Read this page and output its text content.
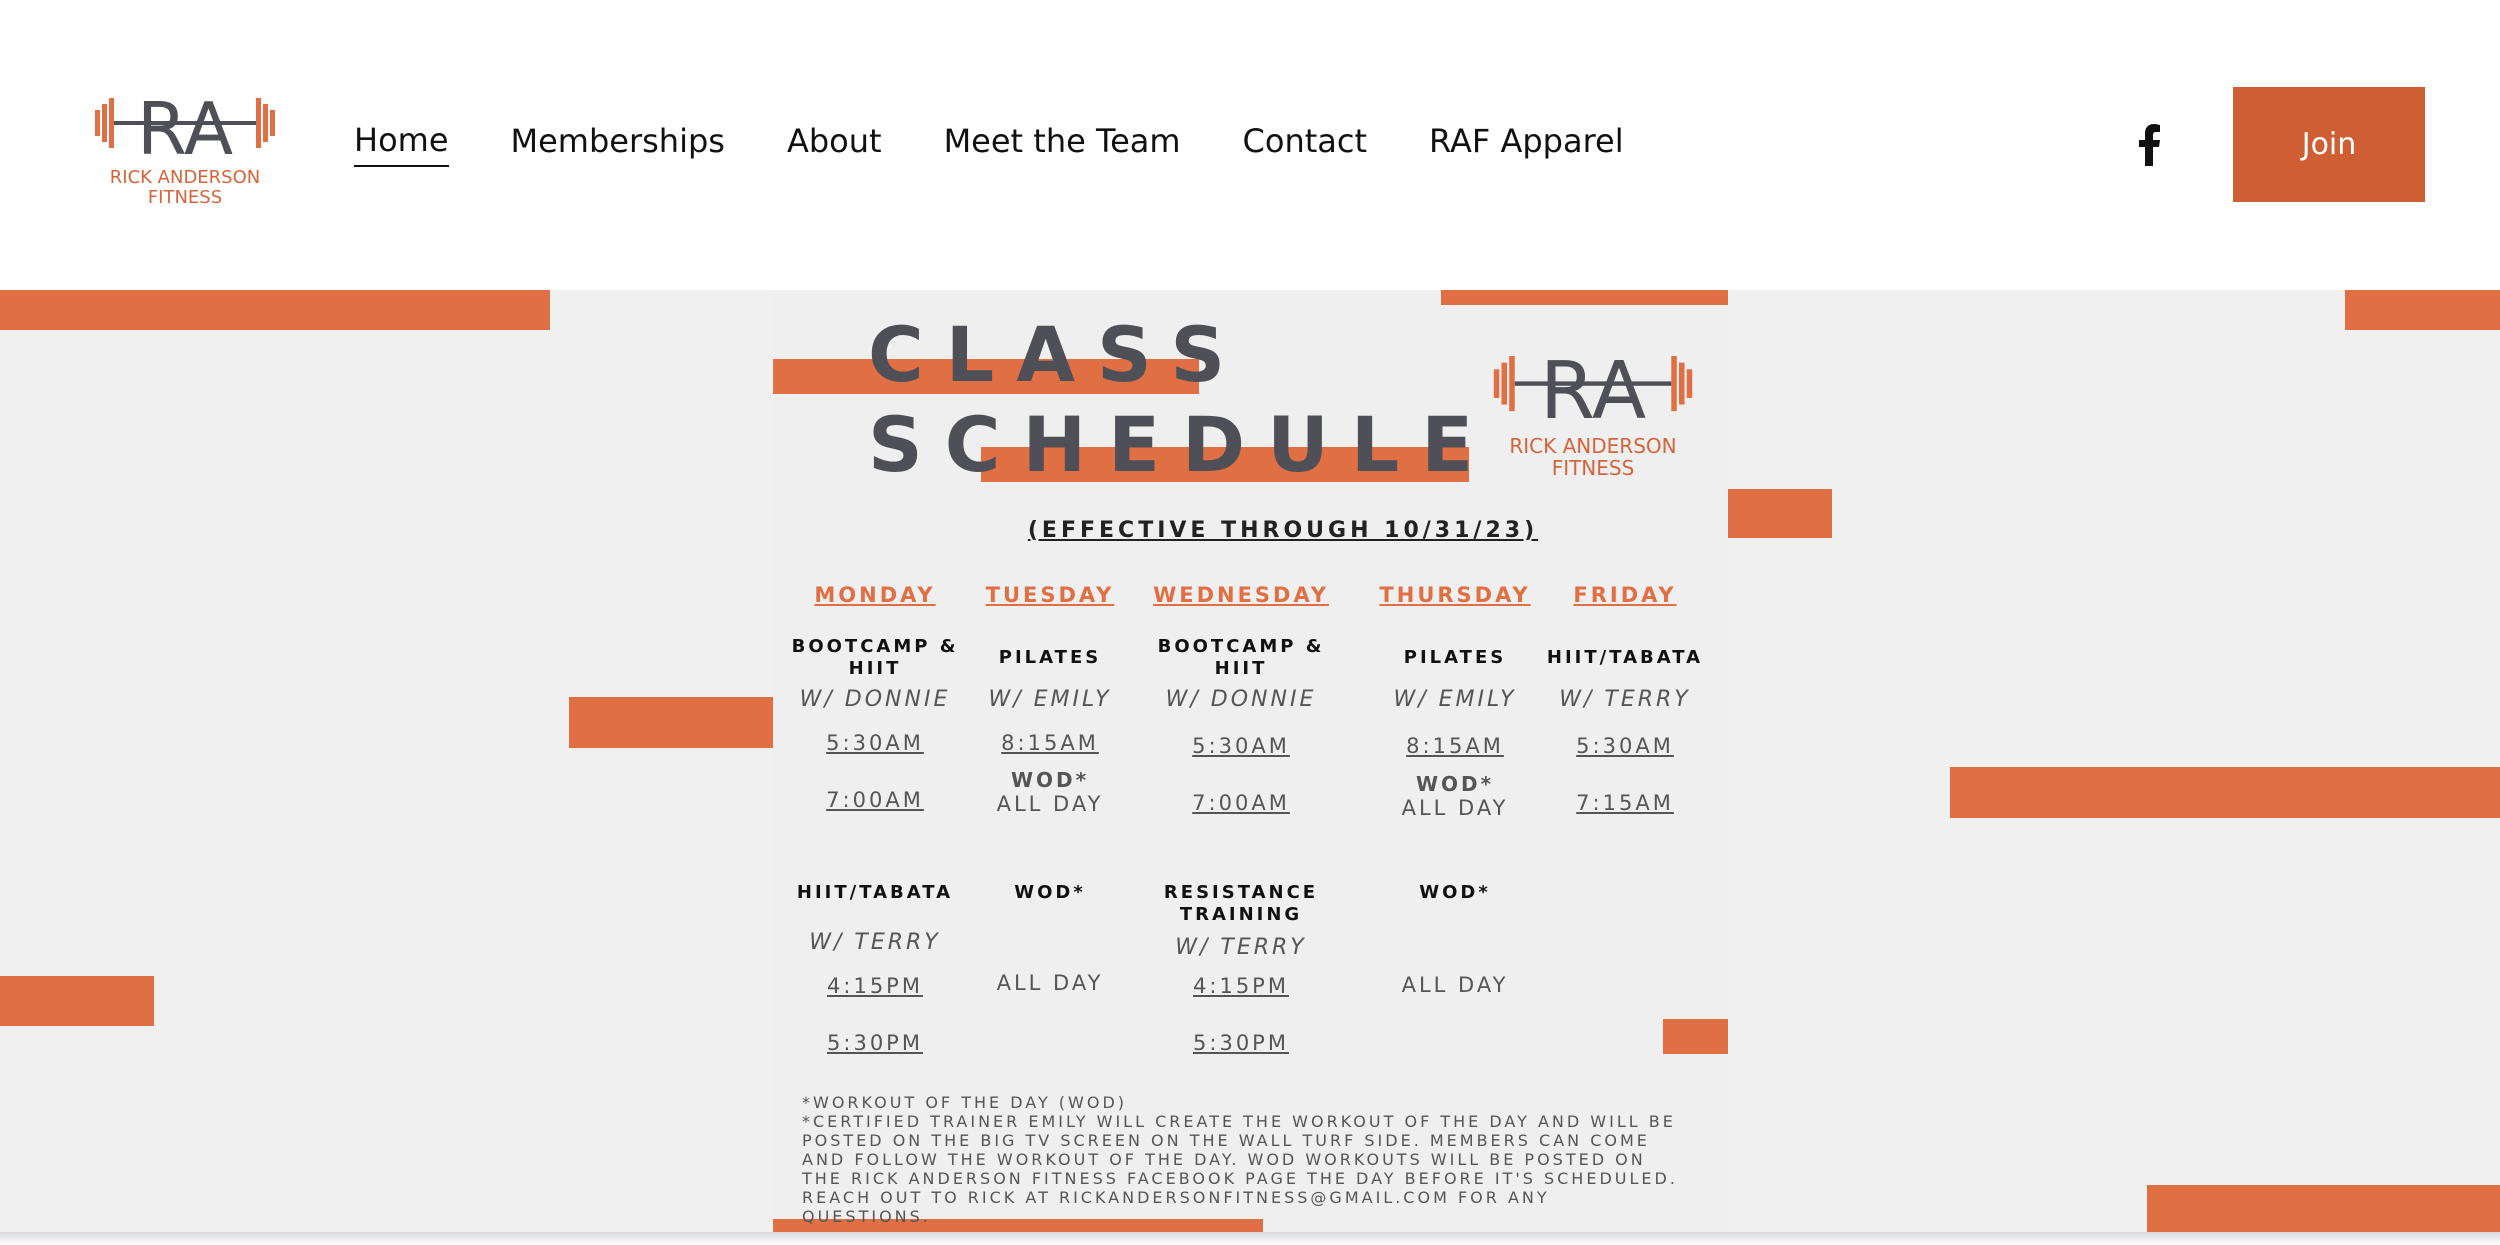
RA
RICK ANDERSON
FITNESS
Home Memberships About Meet the Team Contact RAF Apparel	Join
CLASS
SCHEDULE
RA
RICK ANDERSON
FITNESS
(EFFECTIVE THROUGH 10/31/23)
MONDAY
BOOTCAMP & HIIT
W/ DONNIE
5:30AM
7:00AM
HIIT/TABATA
W/ TERRY
4:15PM
5:30PM
TUESDAY
PILATES
W/ EMILY
8:15AM
WOD*
ALL DAY
WOD*
ALL DAY
WEDNESDAY
BOOTCAMP & HIIT
W/ DONNIE
5:30AM
7:00AM
RESISTANCE TRAINING
W/ TERRY
4:15PM
5:30PM
THURSDAY
PILATES
W/ EMILY
8:15AM
WOD*
ALL DAY
WOD*
ALL DAY
FRIDAY
HIIT/TABATA
W/ TERRY
5:30AM
7:15AM
*WORKOUT OF THE DAY (WOD)
*CERTIFIED TRAINER EMILY WILL CREATE THE WORKOUT OF THE DAY AND WILL BE POSTED ON THE BIG TV SCREEN ON THE WALL TURF SIDE. MEMBERS CAN COME AND FOLLOW THE WORKOUT OF THE DAY. WOD WORKOUTS WILL BE POSTED ON THE RICK ANDERSON FITNESS FACEBOOK PAGE THE DAY BEFORE IT'S SCHEDULED. REACH OUT TO RICK AT RICKANDERSONFITNESS@GMAIL.COM FOR ANY QUESTIONS.
